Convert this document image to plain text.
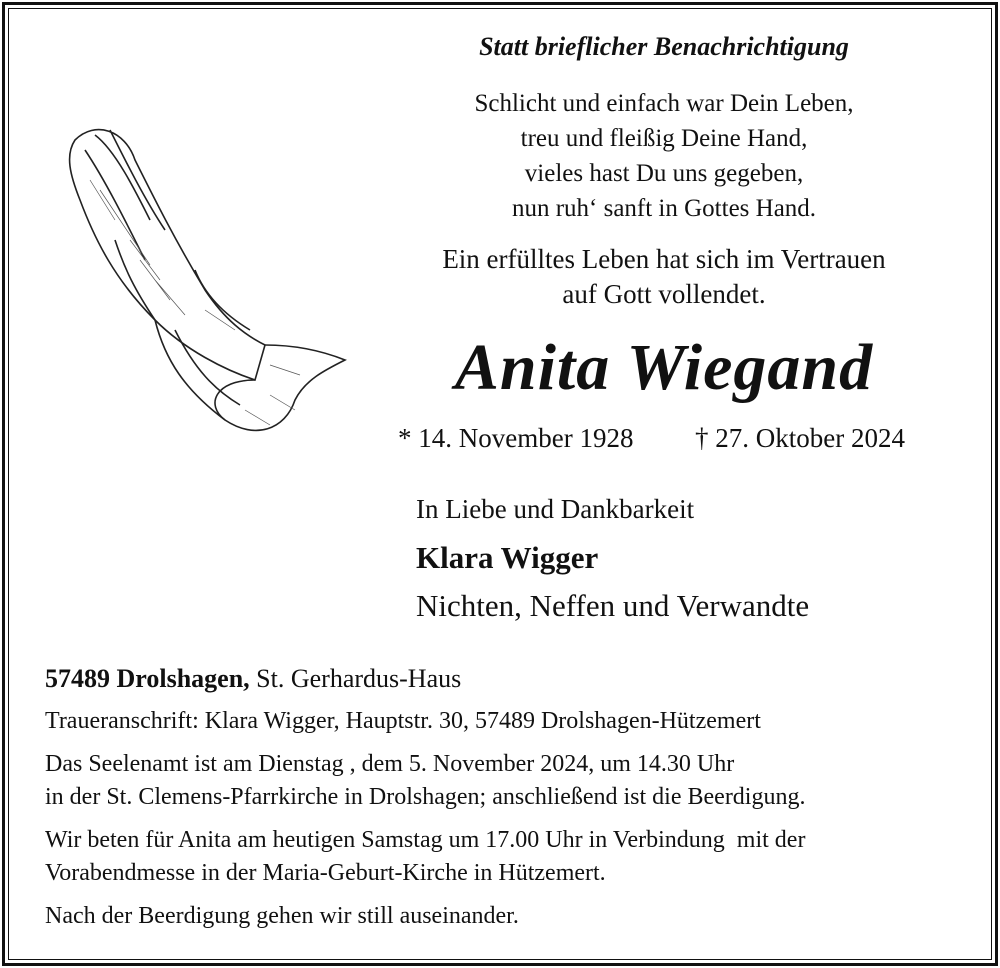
Statt brieflicher Benachrichtigung
Schlicht und einfach war Dein Leben,
treu und fleißig Deine Hand,
vieles hast Du uns gegeben,
nun ruh‘ sanft in Gottes Hand.
Ein erfülltes Leben hat sich im Vertrauen
auf Gott vollendet.
Anita Wiegand
* 14. November 1928 † 27. Oktober 2024
In Liebe und Dankbarkeit
Klara Wigger
Nichten, Neffen und Verwandte

57489 Drolshagen, St. Gerhardus-Haus

Traueranschrift: Klara Wigger, Hauptstr. 30, 57489 Drolshagen-Hützemert

Das Seelenamt ist am Dienstag , dem 5. November 2024, um 14.30 Uhr
in der St. Clemens-Pfarrkirche in Drolshagen; anschließend ist die Beerdigung.

Wir beten für Anita am heutigen Samstag um 17.00 Uhr in Verbindung  mit der
Vorabendmesse in der Maria-Geburt-Kirche in Hützemert.

Nach der Beerdigung gehen wir still auseinander.
